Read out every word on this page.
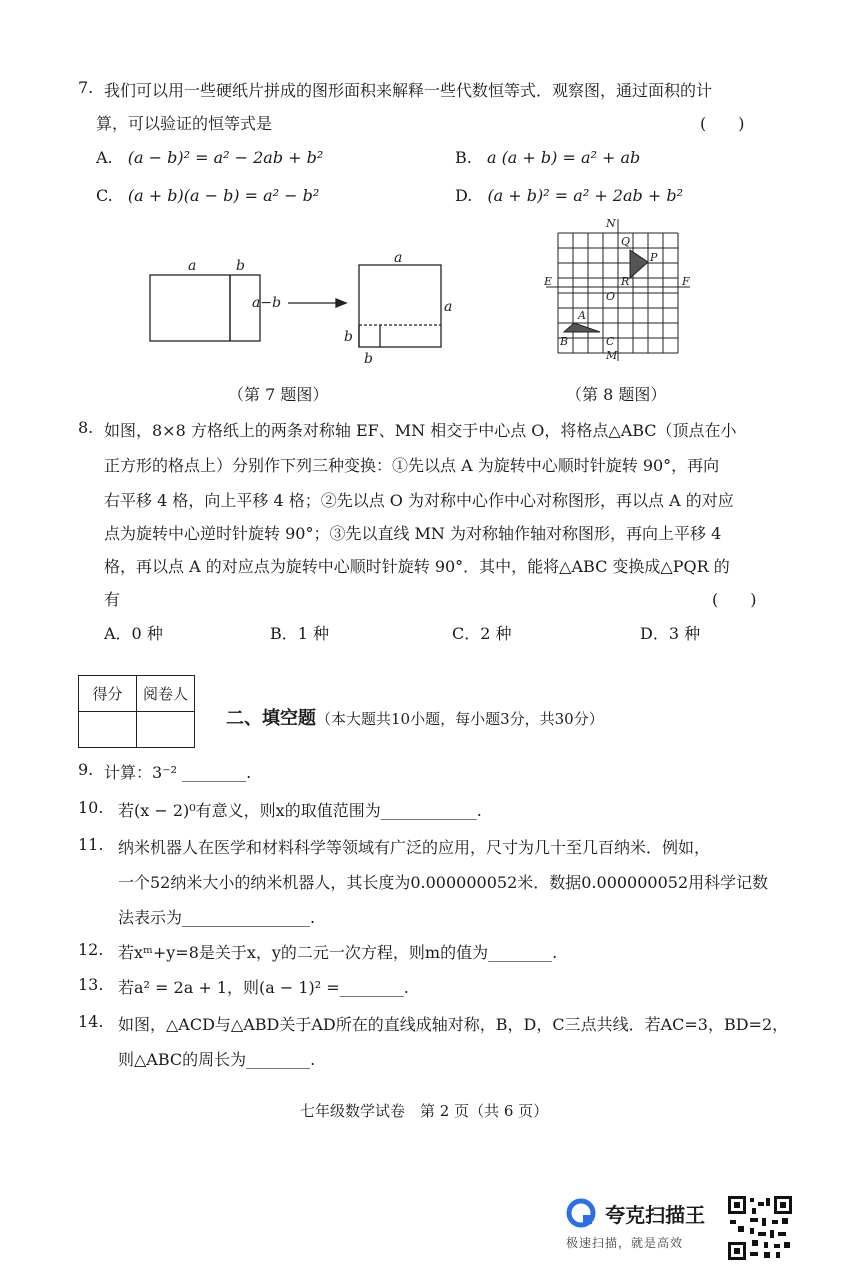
7. 我们可以用一些硬纸片拼成的图形面积来解释一些代数恒等式．观察图，通过面积的计
算，可以验证的恒等式是	(　　)
A. (a − b)² = a² − 2ab + b²	B. a (a + b) = a² + ab
C. (a + b)(a − b) = a² − b²	D. (a + b)² = a² + 2ab + b²
a	b
a−b
a
a
b
b
（第 7 题图）
N
Q
P
E	R	F
O
A
B	C
M
（第 8 题图）
8. 如图，8×8 方格纸上的两条对称轴 EF、MN 相交于中心点 O，将格点△ABC（顶点在小
正方形的格点上）分别作下列三种变换：①先以点 A 为旋转中心顺时针旋转 90°，再向
右平移 4 格，向上平移 4 格；②先以点 O 为对称中心作中心对称图形，再以点 A 的对应
点为旋转中心逆时针旋转 90°；③先以直线 MN 为对称轴作轴对称图形，再向上平移 4
格，再以点 A 的对应点为旋转中心顺时针旋转 90°．其中，能将△ABC 变换成△PQR 的
有	(　　)
A．0 种	B．1 种	C．2 种	D．3 种
得分	阅卷人

二、填空题（本大题共10小题，每小题3分，共30分）
9. 计算：3⁻² ________.
10. 若(x − 2)⁰有意义，则x的取值范围为____________.
11. 纳米机器人在医学和材料科学等领域有广泛的应用，尺寸为几十至几百纳米．例如，
一个52纳米大小的纳米机器人，其长度为0.000000052米．数据0.000000052用科学记数
法表示为________________.
12. 若xᵐ+y=8是关于x，y的二元一次方程，则m的值为________.
13. 若a² = 2a + 1，则(a − 1)² =________.
14. 如图，△ACD与△ABD关于AD所在的直线成轴对称，B，D，C三点共线．若AC=3，BD=2，
则△ABC的周长为________.
七年级数学试卷　第 2 页（共 6 页）
夸克扫描王
极速扫描，就是高效
